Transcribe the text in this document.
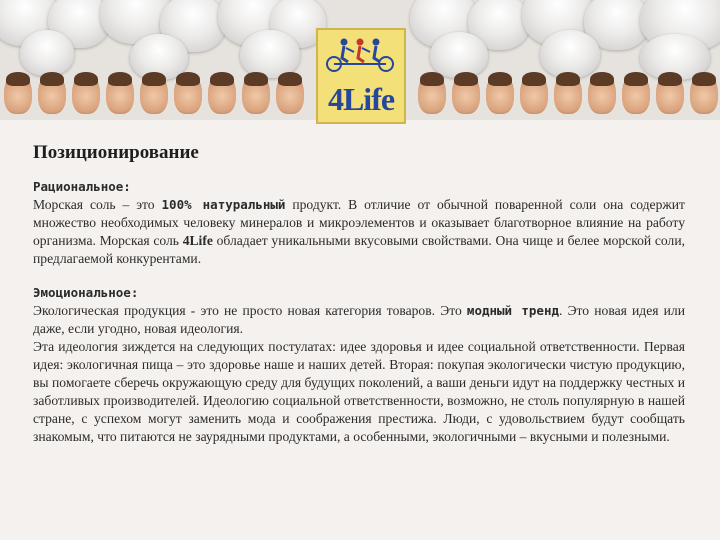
4Life
Позиционирование

Рациональное:

Морская соль – это 100% натуральный продукт. В отличие от обычной поваренной соли она содержит множество необходимых человеку минералов и микроэлементов и оказывает благотворное влияние на работу организма. Морская соль 4Life обладает уникальными вкусовыми свойствами. Она чище и белее морской соли, предлагаемой конкурентами.

Эмоциональное:

Экологическая продукция - это не просто новая категория товаров. Это модный тренд. Это новая идея или даже, если угодно, новая идеология.

Эта идеология зиждется на следующих постулатах: идее здоровья и идее социальной ответственности. Первая идея: экологичная пища – это здоровье наше и наших детей. Вторая: покупая экологически чистую продукцию, вы помогаете сберечь окружающую среду для будущих поколений, а ваши деньги идут на поддержку честных и заботливых производителей. Идеологию социальной ответственности, возможно, не столь популярную в нашей стране, с успехом могут заменить мода и соображения престижа. Люди, с удовольствием будут сообщать знакомым, что питаются не заурядными продуктами, а особенными, экологичными – вкусными и полезными.
